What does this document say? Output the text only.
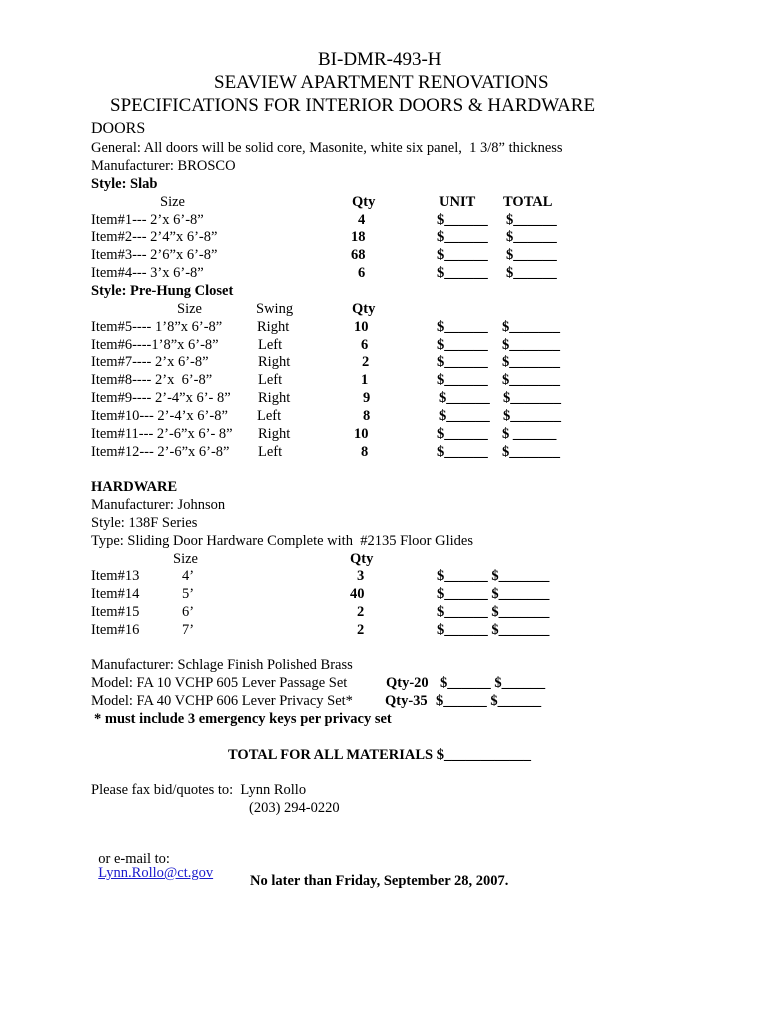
BI-DMR-493-H
SEAVIEW APARTMENT RENOVATIONS
SPECIFICATIONS FOR INTERIOR DOORS & HARDWARE
DOORS
General: All doors will be solid core, Masonite, white six panel,  1 3/8” thickness
Manufacturer: BROSCO
Style: Slab
Size	Qty	UNIT TOTAL
Item#1--- 2’x 6’-8”	4	$______ $______
Item#2--- 2’4”x 6’-8”	18	$______ $______
Item#3--- 2’6”x 6’-8”	68	$______ $______
Item#4--- 3’x 6’-8”	6	$______ $______
Style: Pre-Hung Closet
Size	Swing	Qty
Item#5---- 1’8”x 6’-8” Right	10	$______ $_______
Item#6----1’8”x 6’-8”	Left	6	$______ $_______
Item#7---- 2’x 6’-8”	Right	2	$______ $_______
Item#8---- 2’x  6’-8”	Left	1	$______ $_______
Item#9---- 2’-4”x 6’- 8” Right	9	$______ $_______
Item#10--- 2’-4’x 6’-8” Left	8	$______ $_______
Item#11--- 2’-6”x 6’- 8” Right	10	$______ $ ______
Item#12--- 2’-6”x 6’-8” Left	8	$______ $_______
HARDWARE
Manufacturer: Johnson
Style: 138F Series
Type: Sliding Door Hardware Complete with  #2135 Floor Glides
Size	Qty
Item#13	4’	3	$______ $_______
Item#14	5’	40	$______ $_______
Item#15	6’	2	$______ $_______
Item#16	7’	2	$______ $_______
Manufacturer: Schlage Finish Polished Brass
Model: FA 10 VCHP 605 Lever Passage Set	Qty-20 $______ $______
Model: FA 40 VCHP 606 Lever Privacy Set* Qty-35 $______ $______
* must include 3 emergency keys per privacy set
TOTAL FOR ALL MATERIALS $____________
Please fax bid/quotes to:  Lynn Rollo
(203) 294-0220

or e-mail to:
Lynn.Rollo@ct.gov	No later than Friday, September 28, 2007.
